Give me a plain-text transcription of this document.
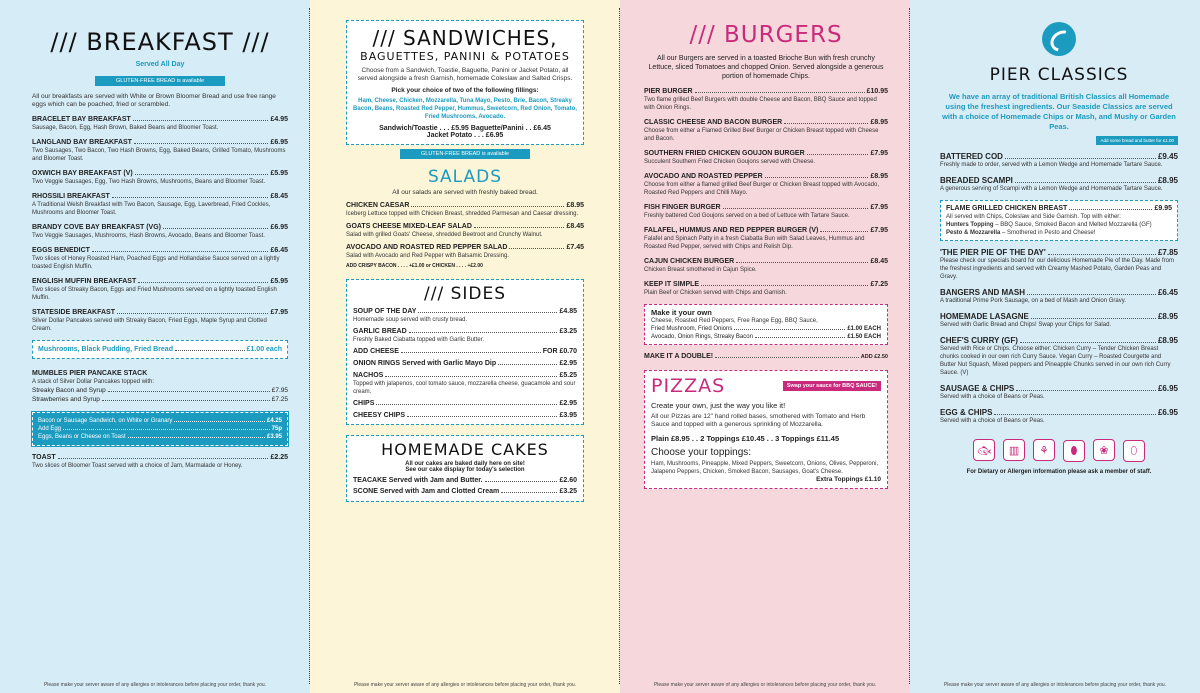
/// BREAKFAST ///
Served All Day
GLUTEN-FREE BREAD is available
All our breakfasts are served with White or Brown Bloomer Bread and use free range eggs which can be poached, fried or scrambled.
BRACELET BAY BREAKFAST	£4.95
Sausage, Bacon, Egg, Hash Brown, Baked Beans and Bloomer Toast.
LANGLAND BAY BREAKFAST	£6.95
Two Sausages, Two Bacon, Two Hash Browns, Egg, Baked Beans, Grilled Tomato, Mushrooms and Bloomer Toast.
OXWICH BAY BREAKFAST (V)	£5.95
Two Veggie Sausages, Egg, Two Hash Browns, Mushrooms, Beans and Bloomer Toast.
RHOSSILI BREAKFAST	£8.45
A Traditional Welsh Breakfast with Two Bacon, Sausage, Egg, Laverbread, Fried Cockles, Mushrooms and Bloomer Toast.
BRANDY COVE BAY BREAKFAST (VG)	£6.95
Two Veggie Sausages, Mushrooms, Hash Browns, Avocado, Beans and Bloomer Toast.
EGGS BENEDICT	£6.45
Two slices of Honey Roasted Ham, Poached Eggs and Hollandaise Sauce served on a lightly toasted English Muffin.
ENGLISH MUFFIN BREAKFAST	£5.95
Two slices of Streaky Bacon, Eggs and Fried Mushrooms served on a lightly toasted English Muffin.
STATESIDE BREAKFAST	£7.95
Silver Dollar Pancakes served with Streaky Bacon, Fried Eggs, Maple Syrup and Clotted Cream.
Mushrooms, Black Pudding, Fried Bread	£1.00 each
MUMBLES PIER PANCAKE STACK
A stack of Silver Dollar Pancakes topped with:
Streaky Bacon and Syrup	£7.95
Strawberries and Syrup	£7.25
Bacon or Sausage Sandwich, on White or Granary	£4.25
Add Egg	75p
Eggs, Beans or Cheese on Toast	£3.95
TOAST	£2.25
Two slices of Bloomer Toast served with a choice of Jam, Marmalade or Honey.
Please make your server aware of any allergies or intolerances before placing your order, thank you.
/// SANDWICHES,
BAGUETTES, PANINI & POTATOES
Choose from a Sandwich, Toastie, Baguette, Panini or Jacket Potato, all served alongside a fresh Garnish, homemade Coleslaw and Salted Crisps.
Pick your choice of two of the following fillings:
Ham, Cheese, Chicken, Mozzarella, Tuna Mayo, Pesto, Brie, Bacon, Streaky Bacon, Beans, Roasted Red Pepper, Hummus, Sweetcorn, Red Onion, Tomato, Fried Mushrooms, Avocado.
Sandwich/Toastie . . . £5.95 Baguette/Panini . . £6.45
Jacket Potato . . . £6.95
GLUTEN-FREE BREAD is available
SALADS
All our salads are served with freshly baked bread.
CHICKEN CAESAR	£8.95
Iceberg Lettuce topped with Chicken Breast, shredded Parmesan and Caesar dressing.
GOATS CHEESE MIXED-LEAF SALAD	£8.45
Salad with grilled Goats' Cheese, shredded Beetroot and Crunchy Walnut.
AVOCADO AND ROASTED RED PEPPER SALAD	£7.45
Salad with Avocado and Red Pepper with Balsamic Dressing.
ADD CRISPY BACON . . . . +£1.00 or CHICKEN . . . . +£2.00
/// SIDES
SOUP OF THE DAY	£4.85
Homemade soup served with crusty bread.
GARLIC BREAD	£3.25
Freshly Baked Ciabatta topped with Garlic Butter.
ADD CHEESE	FOR £0.70
ONION RINGS Served with Garlic Mayo Dip	£2.95
NACHOS	£5.25
Topped with jalapenos, cool tomato sauce, mozzarella cheese, guacamole and sour cream.
CHIPS	£2.95
CHEESY CHIPS	£3.95
HOMEMADE CAKES
All our cakes are baked daily here on site!
See our cake display for today's selection
TEACAKE Served with Jam and Butter.	£2.60
SCONE Served with Jam and Clotted Cream	£3.25
Please make your server aware of any allergies or intolerances before placing your order, thank you.
/// BURGERS
All our Burgers are served in a toasted Brioche Bun with fresh crunchy Lettuce, sliced Tomatoes and chopped Onion. Served alongside a generous portion of homemade Chips.
PIER BURGER	£10.95
Two flame grilled Beef Burgers with double Cheese and Bacon, BBQ Sauce and topped with Onion Rings.
CLASSIC CHEESE AND BACON BURGER	£8.95
Choose from either a Flamed Grilled Beef Burger or Chicken Breast topped with Cheese and Bacon.
SOUTHERN FRIED CHICKEN GOUJON BURGER	£7.95
Succulent Southern Fried Chicken Goujons served with Cheese.
AVOCADO AND ROASTED PEPPER	£8.95
Choose from either a flamed grilled Beef Burger or Chicken Breast topped with Avocado, Roasted Red Peppers and Chilli Mayo.
FISH FINGER BURGER	£7.95
Freshly battered Cod Goujons served on a bed of Lettuce with Tartare Sauce.
FALAFEL, HUMMUS AND RED PEPPER BURGER (V)	£7.95
Falafel and Spinach Patty in a fresh Ciabatta Bun with Salad Leaves, Hummus and Roasted Red Pepper, served with Chips and Relish Dip.
CAJUN CHICKEN BURGER	£8.45
Chicken Breast smothered in Cajun Spice.
KEEP IT SIMPLE	£7.25
Plain Beef or Chicken served with Chips and Garnish.
Make it your own
Cheese, Roasted Red Peppers, Free Range Egg, BBQ Sauce,
Fried Mushroom, Fried Onions	£1.00 EACH
Avocado, Onion Rings, Streaky Bacon	£1.50 EACH
MAKE IT A DOUBLE!	ADD £2.50
PIZZAS	Swap your sauce for BBQ SAUCE!
Create your own, just the way you like it!
All our Pizzas are 12" hand rolled bases, smothered with Tomato and Herb Sauce and topped with a generous sprinkling of Mozzarella.
Plain £8.95 . . 2 Toppings £10.45 . . 3 Toppings £11.45
Choose your toppings:
Ham, Mushrooms, Pineapple, Mixed Peppers, Sweetcorn, Onions, Olives, Pepperoni, Jalapeno Peppers, Chicken, Smoked Bacon, Sausages, Goat's Cheese.
Extra Toppings £1.10
Please make your server aware of any allergies or intolerances before placing your order, thank you.
PIER CLASSICS
We have an array of traditional British Classics all Homemade using the freshest ingredients. Our Seaside Classics are served with a choice of Homemade Chips or Mash, and Mushy or Garden Peas.
Add some bread and butter for £1.00
BATTERED COD	£9.45
Freshly made to order, served with a Lemon Wedge and Homemade Tartare Sauce.
BREADED SCAMPI	£8.95
A generous serving of Scampi with a Lemon Wedge and Homemade Tartare Sauce.
FLAME GRILLED CHICKEN BREAST	£9.95
All served with Chips, Coleslaw and Side Garnish. Top with either:
Hunters Topping – BBQ Sauce, Smoked Bacon and Melted Mozzarella (GF)
Pesto & Mozzarella – Smothered in Pesto and Cheese!
'THE PIER PIE OF THE DAY'	£7.85
Please check our specials board for our delicious Homemade Pie of the Day. Made from the freshest ingredients and served with Creamy Mashed Potato, Garden Peas and Gravy.
BANGERS AND MASH	£6.45
A traditional Prime Pork Sausage, on a bed of Mash and Onion Gravy.
HOMEMADE LASAGNE	£8.95
Served with Garlic Bread and Chips! Swap your Chips for Salad.
CHEF'S CURRY (GF)	£8.95
Served with Rice or Chips. Choose either: Chicken Curry – Tender Chicken Breast chunks cooked in our own rich Curry Sauce. Vegan Curry – Roasted Courgette and Butter Nut Squash, Mixed peppers and Pineapple Chunks served in our own rich Curry Sauce. (V)
SAUSAGE & CHIPS	£6.95
Served with a choice of Beans or Peas.
EGG & CHIPS	£6.95
Served with a choice of Beans or Peas.
🐟︎ ▥ ⚘ ⬮ ❀ ⬯
For Dietary or Allergen information please ask a member of staff.
Please make your server aware of any allergies or intolerances before placing your order, thank you.
